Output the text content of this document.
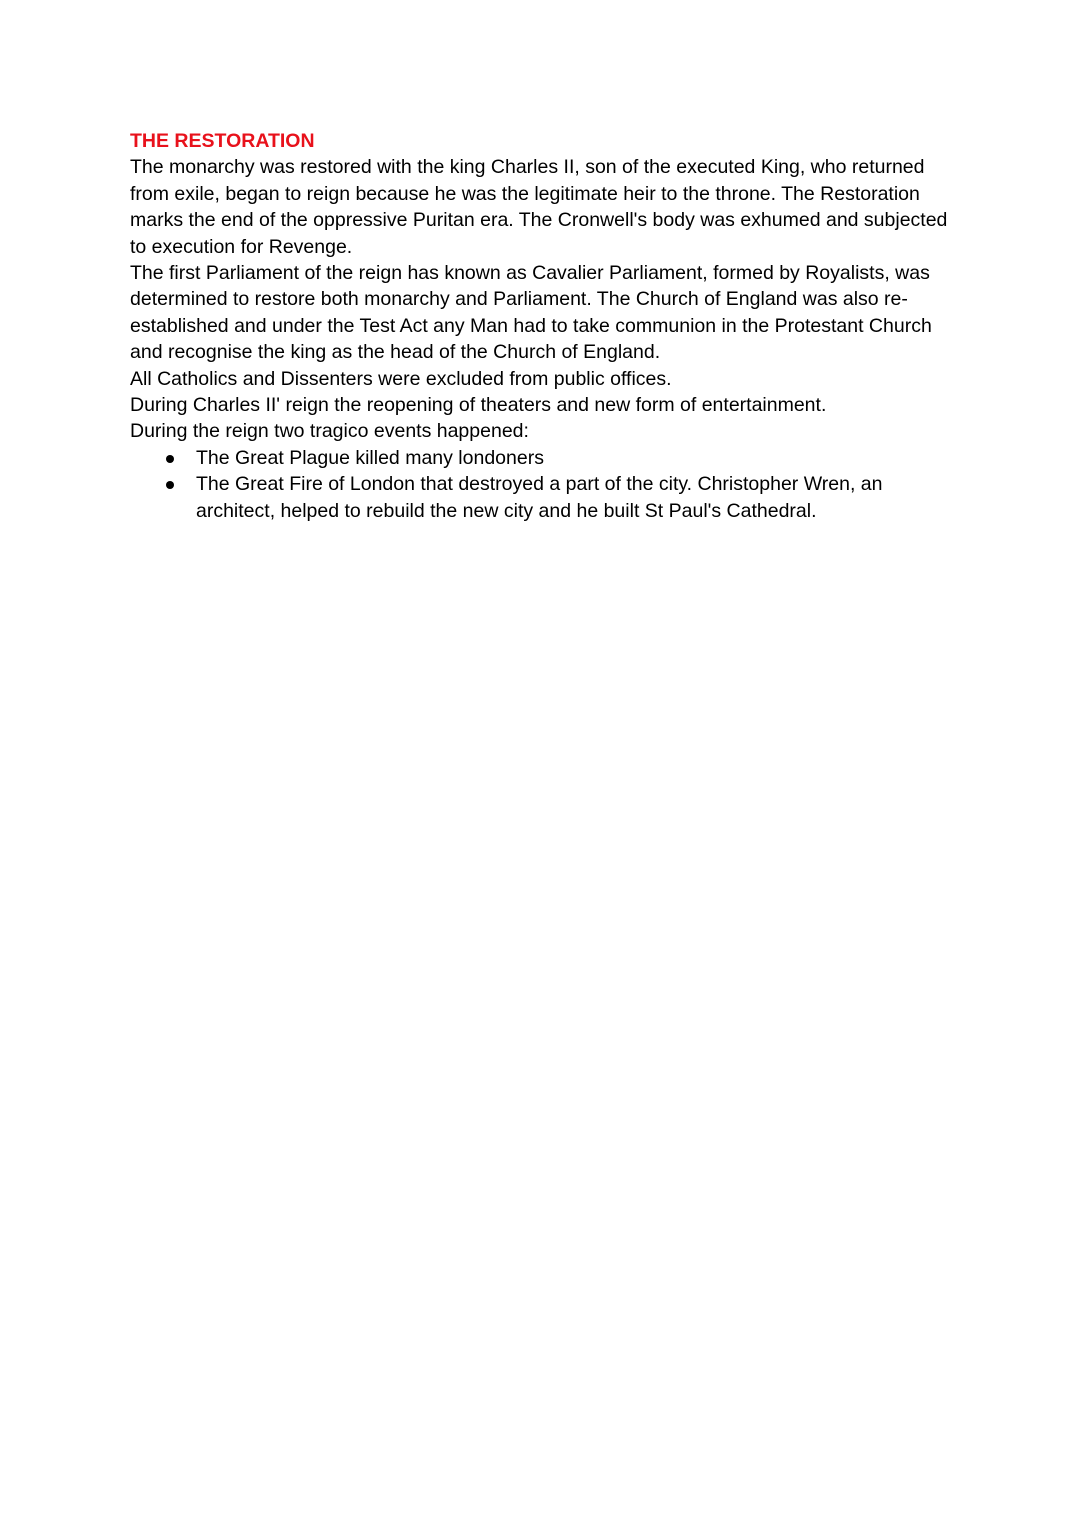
THE RESTORATION

The monarchy was restored with the king Charles II, son of the executed King, who returned from exile, began to reign because he was the legitimate heir to the throne. The Restoration marks the end of the oppressive Puritan era. The Cronwell's body was exhumed and subjected to execution for Revenge.

The first Parliament of the reign has known as Cavalier Parliament, formed by Royalists, was determined to restore both monarchy and Parliament. The Church of England was also re-established and under the Test Act any Man had to take communion in the Protestant Church and recognise the king as the head of the Church of England.

All Catholics and Dissenters were excluded from public offices.

During Charles II' reign the reopening of theaters and new form of entertainment.

During the reign two tragico events happened:

The Great Plague killed many londoners
The Great Fire of London that destroyed a part of the city. Christopher Wren, an architect, helped to rebuild the new city and he built St Paul's Cathedral.
